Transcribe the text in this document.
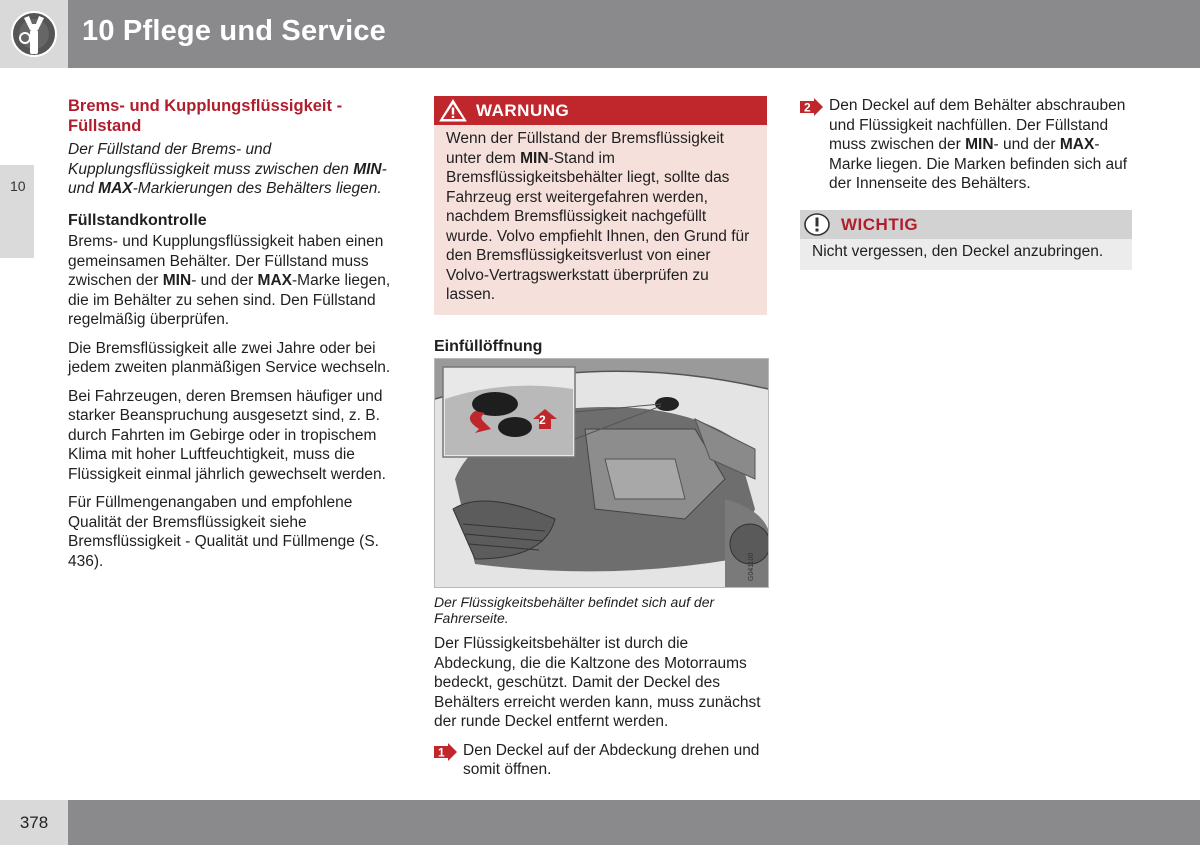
10 Pflege und Service
10
Brems- und Kupplungsflüssigkeit - Füllstand

Der Füllstand der Brems- und Kupplungsflüssigkeit muss zwischen den MIN- und MAX-Markierungen des Behälters liegen.

Füllstandkontrolle

Brems- und Kupplungsflüssigkeit haben einen gemeinsamen Behälter. Der Füllstand muss zwischen der MIN- und der MAX-Marke liegen, die im Behälter zu sehen sind. Den Füllstand regelmäßig überprüfen.

Die Bremsflüssigkeit alle zwei Jahre oder bei jedem zweiten planmäßigen Service wechseln.

Bei Fahrzeugen, deren Bremsen häufiger und starker Beanspruchung ausgesetzt sind, z. B. durch Fahrten im Gebirge oder in tropischem Klima mit hoher Luftfeuchtigkeit, muss die Flüssigkeit einmal jährlich gewechselt werden.

Für Füllmengenangaben und empfohlene Qualität der Bremsflüssigkeit siehe Bremsflüssigkeit - Qualität und Füllmenge (S. 436).

WARNUNG
Wenn der Füllstand der Bremsflüssigkeit unter dem MIN-Stand im Bremsflüssigkeitsbehälter liegt, sollte das Fahrzeug erst weitergefahren werden, nachdem Bremsflüssigkeit nachgefüllt wurde. Volvo empfiehlt Ihnen, den Grund für den Bremsflüssigkeitsverlust von einer Volvo-Vertragswerkstatt überprüfen zu lassen.
Einfüllöffnung
2
G041100
Der Flüssigkeitsbehälter befindet sich auf der Fahrerseite.

Der Flüssigkeitsbehälter ist durch die Abdeckung, die die Kaltzone des Motorraums bedeckt, geschützt. Damit der Deckel des Behälters erreicht werden kann, muss zunächst der runde Deckel entfernt werden.

1 Den Deckel auf der Abdeckung drehen und somit öffnen.
2 Den Deckel auf dem Behälter abschrauben und Flüssigkeit nachfüllen. Der Füllstand muss zwischen der MIN- und der MAX-Marke liegen. Die Marken befinden sich auf der Innenseite des Behälters.
WICHTIG
Nicht vergessen, den Deckel anzubringen.
378
